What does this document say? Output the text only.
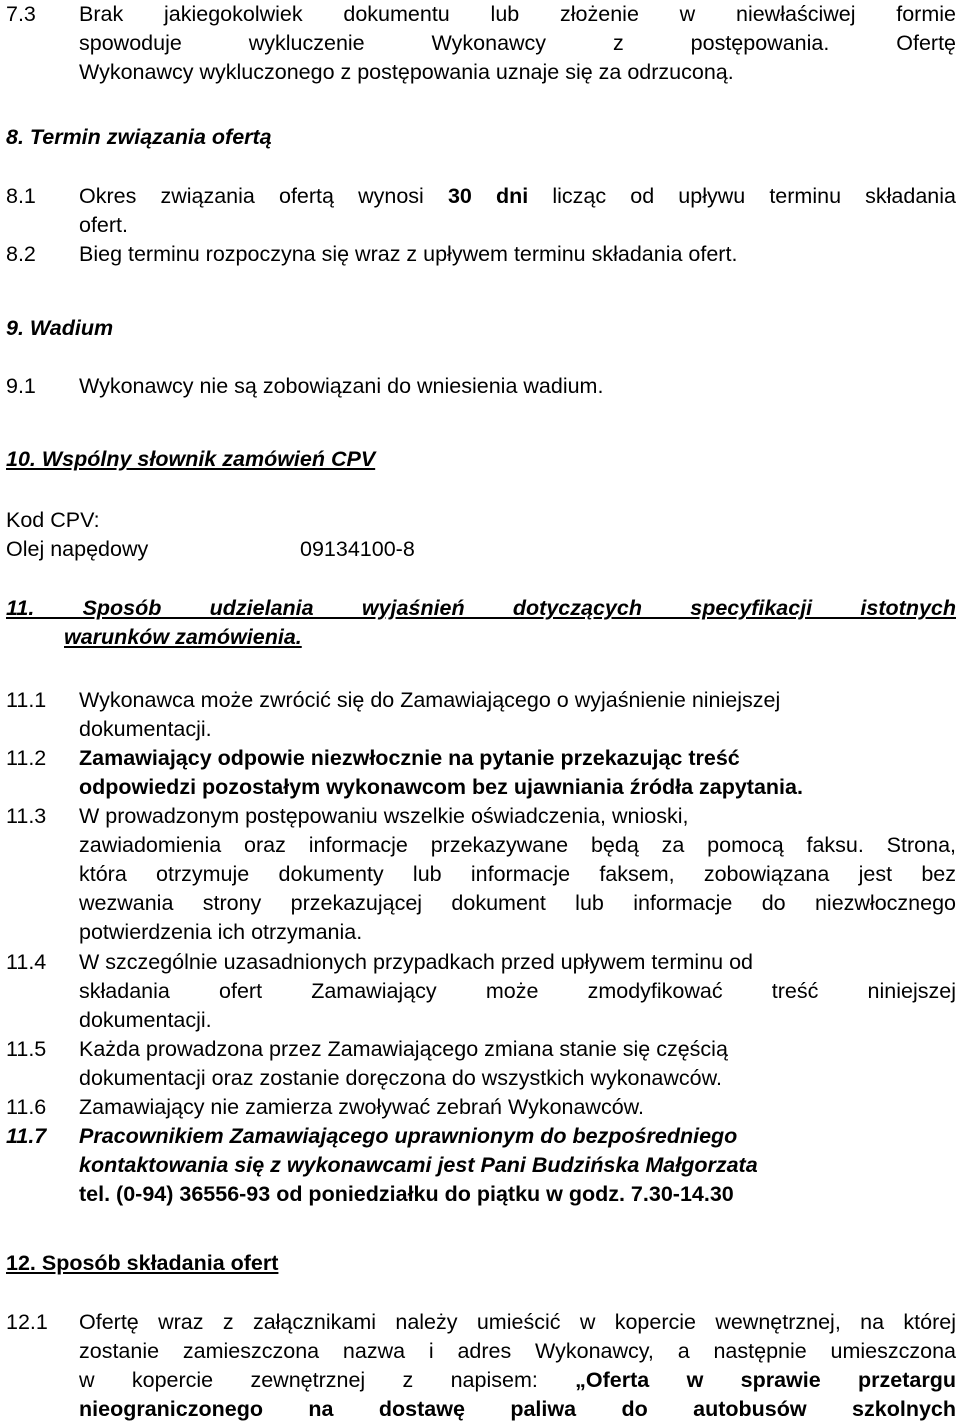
7.3 Brak jakiegokolwiek dokumentu lub złożenie w niewłaściwej formie
spowoduje wykluczenie Wykonawcy z postępowania. Ofertę
Wykonawcy wykluczonego z postępowania uznaje się za odrzuconą.
8. Termin związania ofertą
8.1 Okres związania ofertą wynosi 30 dni licząc od upływu terminu składania
ofert.
8.2 Bieg terminu rozpoczyna się wraz z upływem terminu składania ofert.
9. Wadium
9.1 Wykonawcy nie są zobowiązani do wniesienia wadium.
10. Wspólny słownik zamówień CPV
Kod CPV:
Olej napędowy	09134100-8
11. Sposób udzielania wyjaśnień dotyczących specyfikacji istotnych
warunków zamówienia.
11.1 Wykonawca może zwrócić się do Zamawiającego o wyjaśnienie niniejszej
dokumentacji.
11.2 Zamawiający odpowie niezwłocznie na pytanie przekazując treść
odpowiedzi pozostałym wykonawcom bez ujawniania źródła zapytania.
11.3 W prowadzonym postępowaniu wszelkie oświadczenia, wnioski,
zawiadomienia oraz informacje przekazywane będą za pomocą faksu. Strona,
która otrzymuje dokumenty lub informacje faksem, zobowiązana jest bez
wezwania strony przekazującej dokument lub informacje do niezwłocznego
potwierdzenia ich otrzymania.
11.4 W szczególnie uzasadnionych przypadkach przed upływem terminu od
składania ofert Zamawiający może zmodyfikować treść niniejszej
dokumentacji.
11.5 Każda prowadzona przez Zamawiającego zmiana stanie się częścią
dokumentacji oraz zostanie doręczona do wszystkich wykonawców.
11.6 Zamawiający nie zamierza zwoływać zebrań Wykonawców.
11.7 Pracownikiem Zamawiającego uprawnionym do bezpośredniego
kontaktowania się z wykonawcami jest Pani Budzińska Małgorzata
tel. (0-94) 36556-93 od poniedziałku do piątku w godz. 7.30-14.30
12. Sposób składania ofert
12.1 Ofertę wraz z załącznikami należy umieścić w kopercie wewnętrznej, na której
zostanie zamieszczona nazwa i adres Wykonawcy, a następnie umieszczona
w kopercie zewnętrznej z napisem: „Oferta w sprawie przetargu
nieograniczonego na dostawę paliwa do autobusów szkolnych
